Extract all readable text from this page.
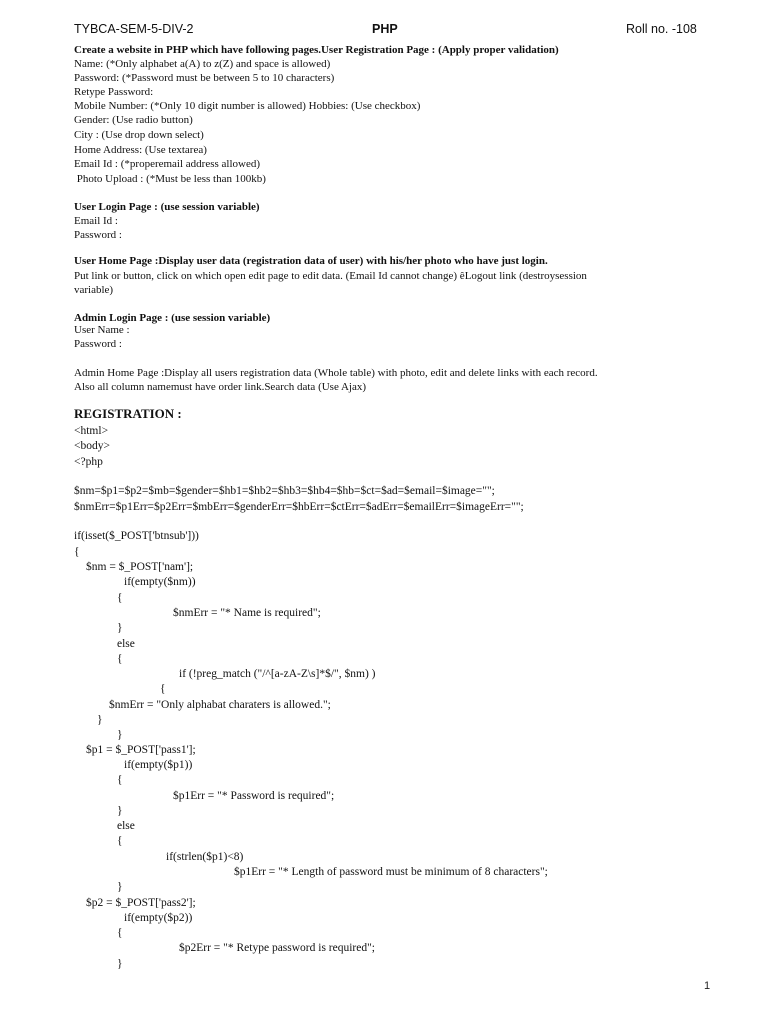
TYBCA-SEM-5-DIV-2	PHP	Roll no. -108
Create a website in PHP which have following pages.User Registration Page : (Apply proper validation)
Name: (*Only alphabet a(A) to z(Z) and space is allowed)
Password: (*Password must be between 5 to 10 characters)
Retype Password:
Mobile Number: (*Only 10 digit number is allowed) Hobbies: (Use checkbox)
Gender: (Use radio button)
City : (Use drop down select)
Home Address: (Use textarea)
Email Id : (*properemail address allowed)
Photo Upload : (*Must be less than 100kb)
User Login Page : (use session variable)
Email Id :
Password :
User Home Page :Display user data (registration data of user) with his/her photo who have just login.
Put link or button, click on which open edit page to edit data. (Email Id cannot change) êLogout link (destroysession
variable)
Admin Login Page : (use session variable)
User Name :
Password :
Admin Home Page :Display all users registration data (Whole table) with photo, edit and delete links with each record.
Also all column namemust have order link.Search data (Use Ajax)
REGISTRATION :
<html>
<body>
<?php
$nm=$p1=$p2=$mb=$gender=$hb1=$hb2=$hb3=$hb4=$hb=$ct=$ad=$email=$image="";
$nmErr=$p1Err=$p2Err=$mbErr=$genderErr=$hbErr=$ctErr=$adErr=$emailErr=$imageErr="";
if(isset($_POST['btnsub']))
{
$nm = $_POST['nam'];
if(empty($nm))
{
$nmErr = "* Name is required";
}
else
{
if (!preg_match ("/^[a-zA-Z\s]*$/", $nm) )
{
$nmErr = "Only alphabat charaters is allowed.";
}
}
$p1 = $_POST['pass1'];
if(empty($p1))
{
$p1Err = "* Password is required";
}
else
{
if(strlen($p1)<8)
$p1Err = "* Length of password must be minimum of 8 characters";
}
$p2 = $_POST['pass2'];
if(empty($p2))
{
$p2Err = "* Retype password is required";
}
1
